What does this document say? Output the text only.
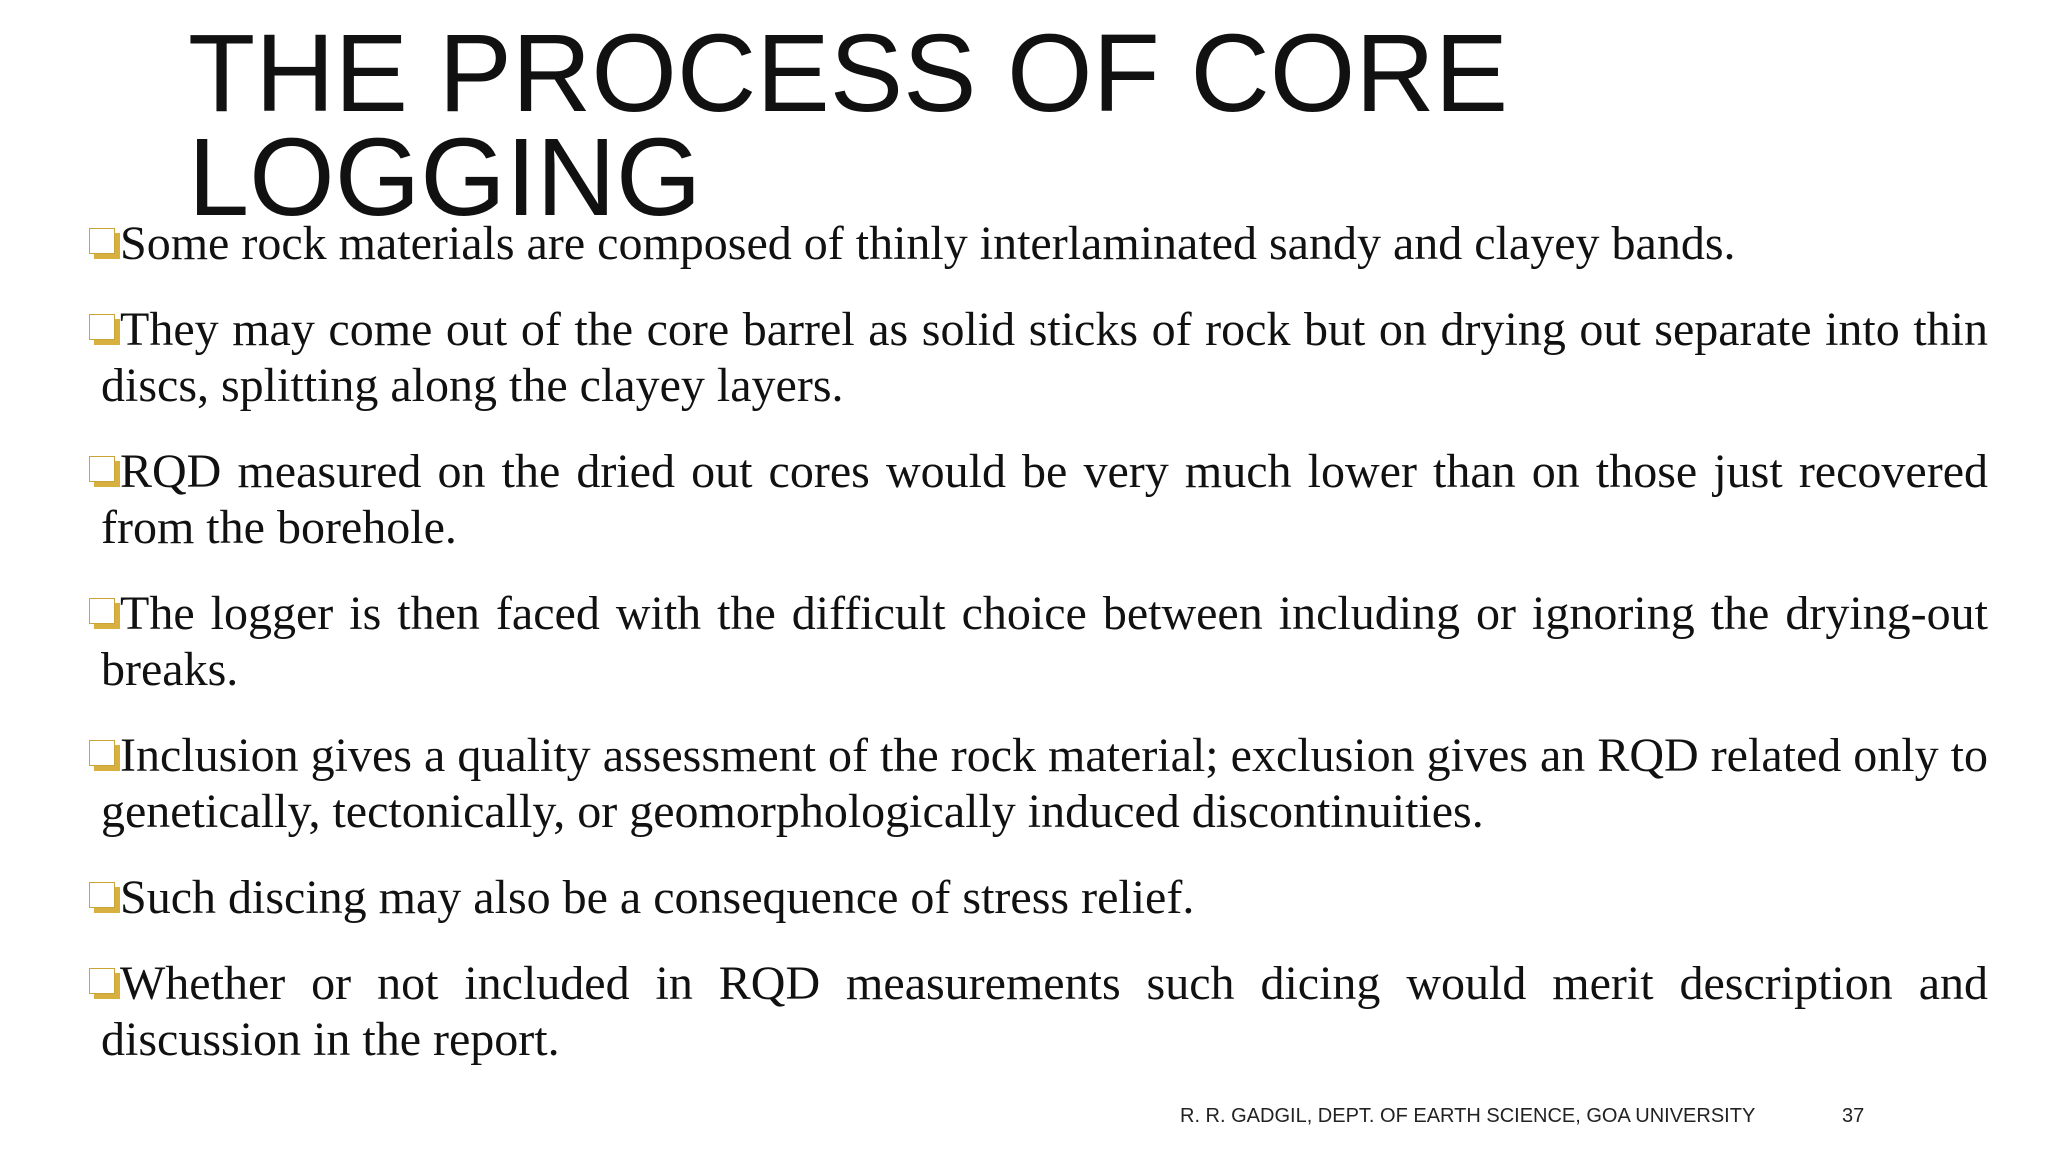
THE PROCESS OF CORE LOGGING
Some rock materials are composed of thinly interlaminated sandy and clayey bands.
They may come out of the core barrel as solid sticks of rock but on drying out separate into thin discs, splitting along the clayey layers.
RQD measured on the dried out cores would be very much lower than on those just recovered from the borehole.
The logger is then faced with the difficult choice between including or ignoring the drying-out breaks.
Inclusion gives a quality assessment of the rock material; exclusion gives an RQD related only to genetically, tectonically, or geomorphologically induced discontinuities.
Such discing may also be a consequence of stress relief.
Whether or not included in RQD measurements such dicing would merit description and discussion in the report.
R. R. GADGIL, DEPT. OF EARTH SCIENCE, GOA UNIVERSITY	37
